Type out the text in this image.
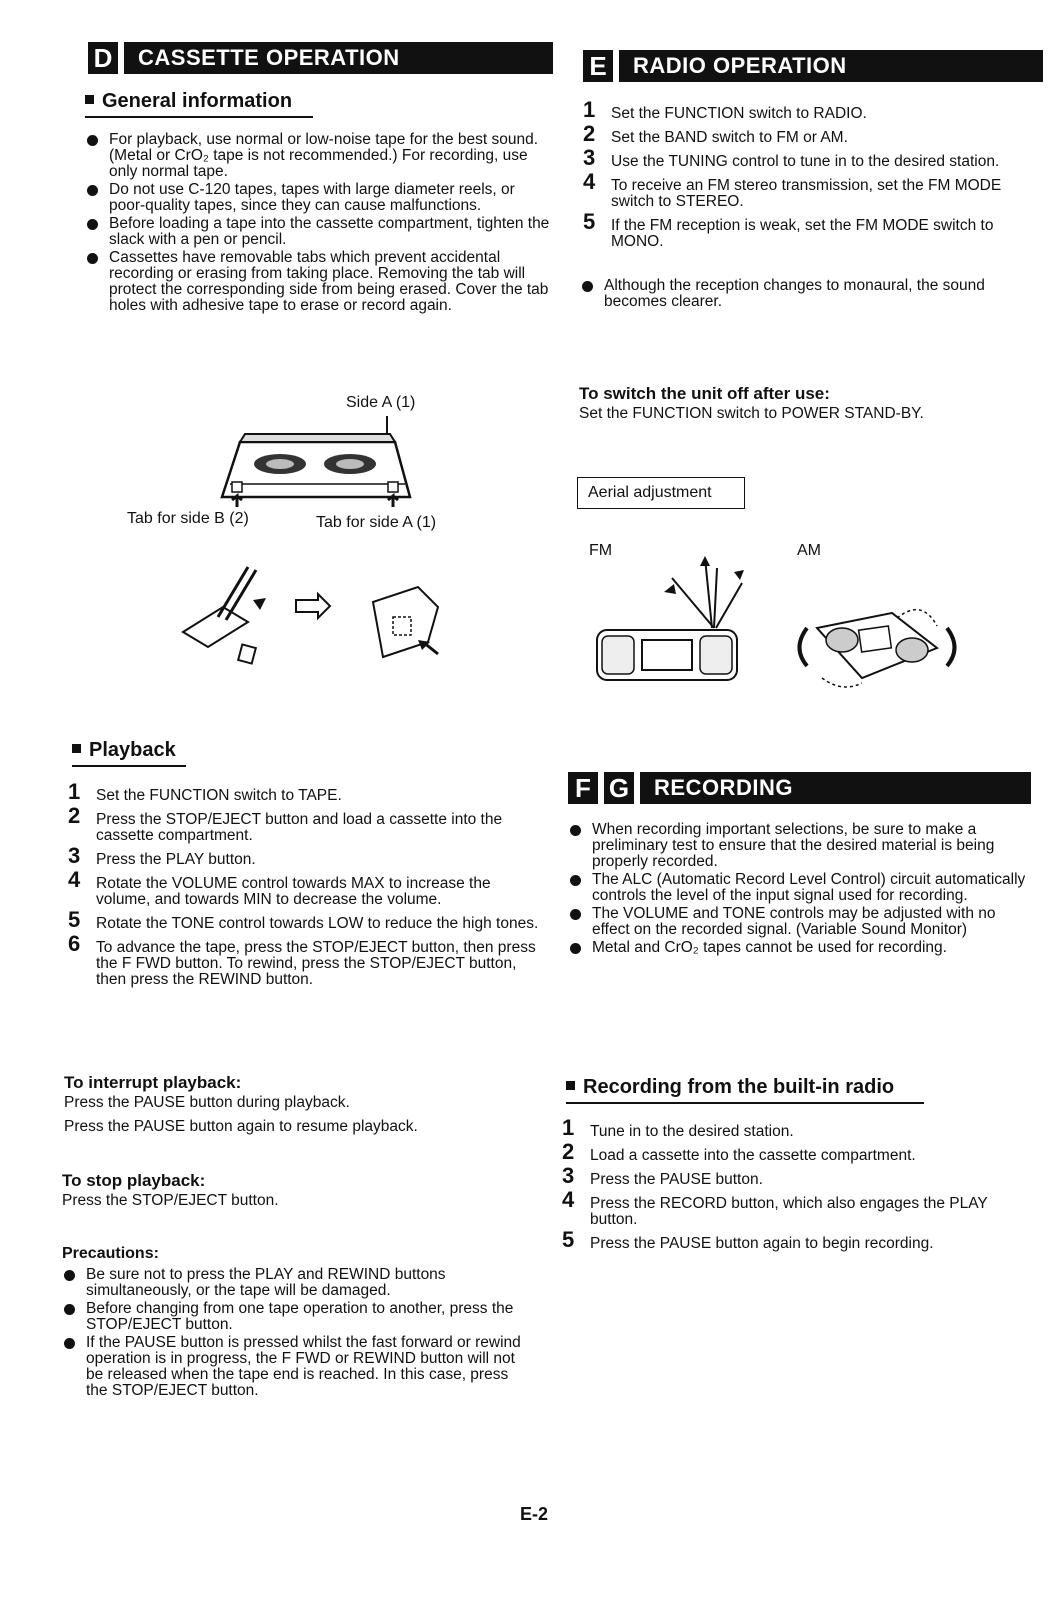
D	CASSETTE OPERATION
General information
For playback, use normal or low-noise tape for the best sound. (Metal or CrO₂ tape is not recommended.) For recording, use only normal tape.
Do not use C-120 tapes, tapes with large diameter reels, or poor-quality tapes, since they can cause malfunctions.
Before loading a tape into the cassette compartment, tighten the slack with a pen or pencil.
Cassettes have removable tabs which prevent accidental recording or erasing from taking place. Removing the tab will protect the corresponding side from being erased. Cover the tab holes with adhesive tape to erase or record again.
Side A (1)
Tab for side B (2)	Tab for side A (1)
Playback
1 Set the FUNCTION switch to TAPE.
2 Press the STOP/EJECT button and load a cassette into the cassette compartment.
3 Press the PLAY button.
4 Rotate the VOLUME control towards MAX to increase the volume, and towards MIN to decrease the volume.
5 Rotate the TONE control towards LOW to reduce the high tones.
6 To advance the tape, press the STOP/EJECT button, then press the F FWD button. To rewind, press the STOP/EJECT button, then press the REWIND button.
To interrupt playback:
Press the PAUSE button during playback.
Press the PAUSE button again to resume playback.
To stop playback:
Press the STOP/EJECT button.
Precautions:
Be sure not to press the PLAY and REWIND buttons simultaneously, or the tape will be damaged.
Before changing from one tape operation to another, press the STOP/EJECT button.
If the PAUSE button is pressed whilst the fast forward or rewind operation is in progress, the F FWD or REWIND button will not be released when the tape end is reached. In this case, press the STOP/EJECT button.
E	RADIO OPERATION
1 Set the FUNCTION switch to RADIO.
2 Set the BAND switch to FM or AM.
3 Use the TUNING control to tune in to the desired station.
4 To receive an FM stereo transmission, set the FM MODE switch to STEREO.
5 If the FM reception is weak, set the FM MODE switch to MONO.
Although the reception changes to monaural, the sound becomes clearer.
To switch the unit off after use:
Set the FUNCTION switch to POWER STAND-BY.
Aerial adjustment
FM	AM
F G	RECORDING
When recording important selections, be sure to make a preliminary test to ensure that the desired material is being properly recorded.
The ALC (Automatic Record Level Control) circuit automatically controls the level of the input signal used for recording.
The VOLUME and TONE controls may be adjusted with no effect on the recorded signal. (Variable Sound Monitor)
Metal and CrO₂ tapes cannot be used for recording.
Recording from the built-in radio
1 Tune in to the desired station.
2 Load a cassette into the cassette compartment.
3 Press the PAUSE button.
4 Press the RECORD button, which also engages the PLAY button.
5 Press the PAUSE button again to begin recording.
E-2
